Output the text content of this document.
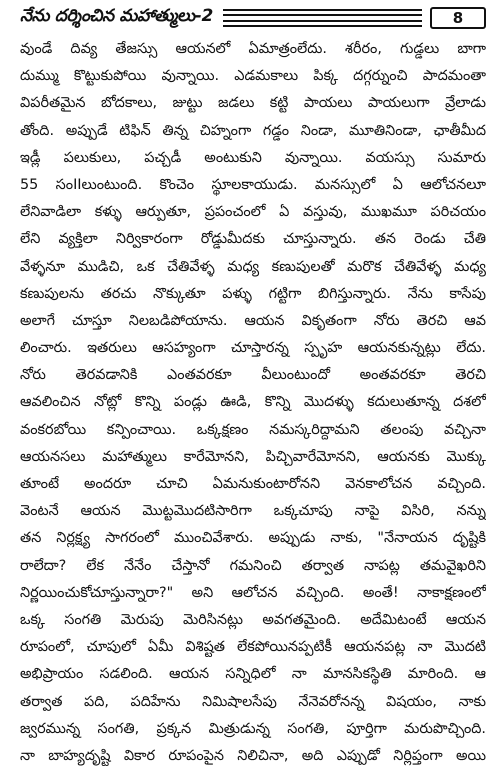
నేను దర్శించిన మహాత్ములు-2	8
వుండే దివ్య తేజస్సు ఆయనలో ఏమాత్రంలేదు. శరీరం, గుడ్డలు బాగా
దుమ్ము కొట్టుకుపోయి వున్నాయి. ఎడమకాలు పిక్క దగ్గర్నుంచి పాదమంతా
విపరీతమైన బోదకాలు, జుట్టు జడలు కట్టి పాయలు పాయలుగా వ్రేలాడు
తోంది. అప్పుడే టిఫిన్ తిన్న చిహ్నంగా గడ్డం నిండా, మూతినిండా, ఛాతీమీద
ఇడ్లీ పలుకులు, పచ్చడీ అంటుకుని వున్నాయి. వయస్సు సుమారు
55 సంIIలుంటుంది. కొంచెం స్థూలకాయుడు. మనస్సులో ఏ ఆలోచనలూ
లేనివాడిలా కళ్ళు ఆర్పుతూ, ప్రపంచంలో ఏ వస్తువు, ముఖమూ పరిచయం
లేని వ్యక్తిలా నిర్వికారంగా రోడ్డుమీదకు చూస్తున్నారు. తన రెండు చేతి
వేళ్ళనూ ముడిచి, ఒక చేతివేళ్ళ మధ్య కణుపులతో మరొక చేతివేళ్ళ మధ్య
కణుపులను తరచు నొక్కుతూ పళ్ళు గట్టిగా బిగిస్తున్నారు. నేను కాసేపు
అలాగే చూస్తూ నిలబడిపోయాను. ఆయన వికృతంగా నోరు తెరచి ఆవ
లించారు. ఇతరులు ఆసహ్యంగా చూస్తారన్న స్పృహ ఆయనకున్నట్లు లేదు.
నోరు తెరవడానికి ఎంతవరకూ వీలుంటుందో అంతవరకూ తెరచి
ఆవలించిన నోట్లో కొన్ని పండ్లు ఊడి, కొన్ని మొదళ్ళు కదులుతూన్న దశలో
వంకరబోయి కన్పించాయి. ఒక్కక్షణం నమస్కరిద్దామని తలంపు వచ్చినా
ఆయనసలు మహాత్ములు కారేమోనని, పిచ్చివారేమోనని, ఆయనకు మొక్కు
తూంటే అందరూ చూచి ఏమనుకుంటారోనని వెనకాలోచన వచ్చింది.
వెంటనే ఆయన మొట్టమొదటిసారిగా ఒక్కచూపు నాపై విసిరి, నన్ను
తన నిర్లక్ష్య సాగరంలో ముంచివేశారు. అప్పుడు నాకు, "నేనాయన దృష్టికి
రాలేదా? లేక నేనేం చేస్తానో గమనించి తర్వాత నాపట్ల తమవైఖరిని
నిర్ణయించుకోచూస్తున్నారా?" అని ఆలోచన వచ్చింది. అంతే! నాకాక్షణంలో
ఒక్క సంగతి మెరుపు మెరిసినట్లు అవగతమైంది. అదేమిటంటే ఆయన
రూపంలో, చూపులో ఏమీ విశిష్టత లేకపోయినప్పటికీ ఆయనపట్ల నా మొదటి
అభిప్రాయం సడలింది. ఆయన సన్నిధిలో నా మానసికస్థితి మారింది. ఆ
తర్వాత పది, పదిహేను నిమిషాలసేపు నేనెవరోనన్న విషయం, నాకు
జ్వరమున్న సంగతి, ప్రక్కన మిత్రుడున్న సంగతి, పూర్తిగా మరుపొచ్చింది.
నా బాహ్యదృష్టి వికార రూపంపైన నిలిచినా, అది ఎప్పుడో నిర్లిప్తంగా అయి
